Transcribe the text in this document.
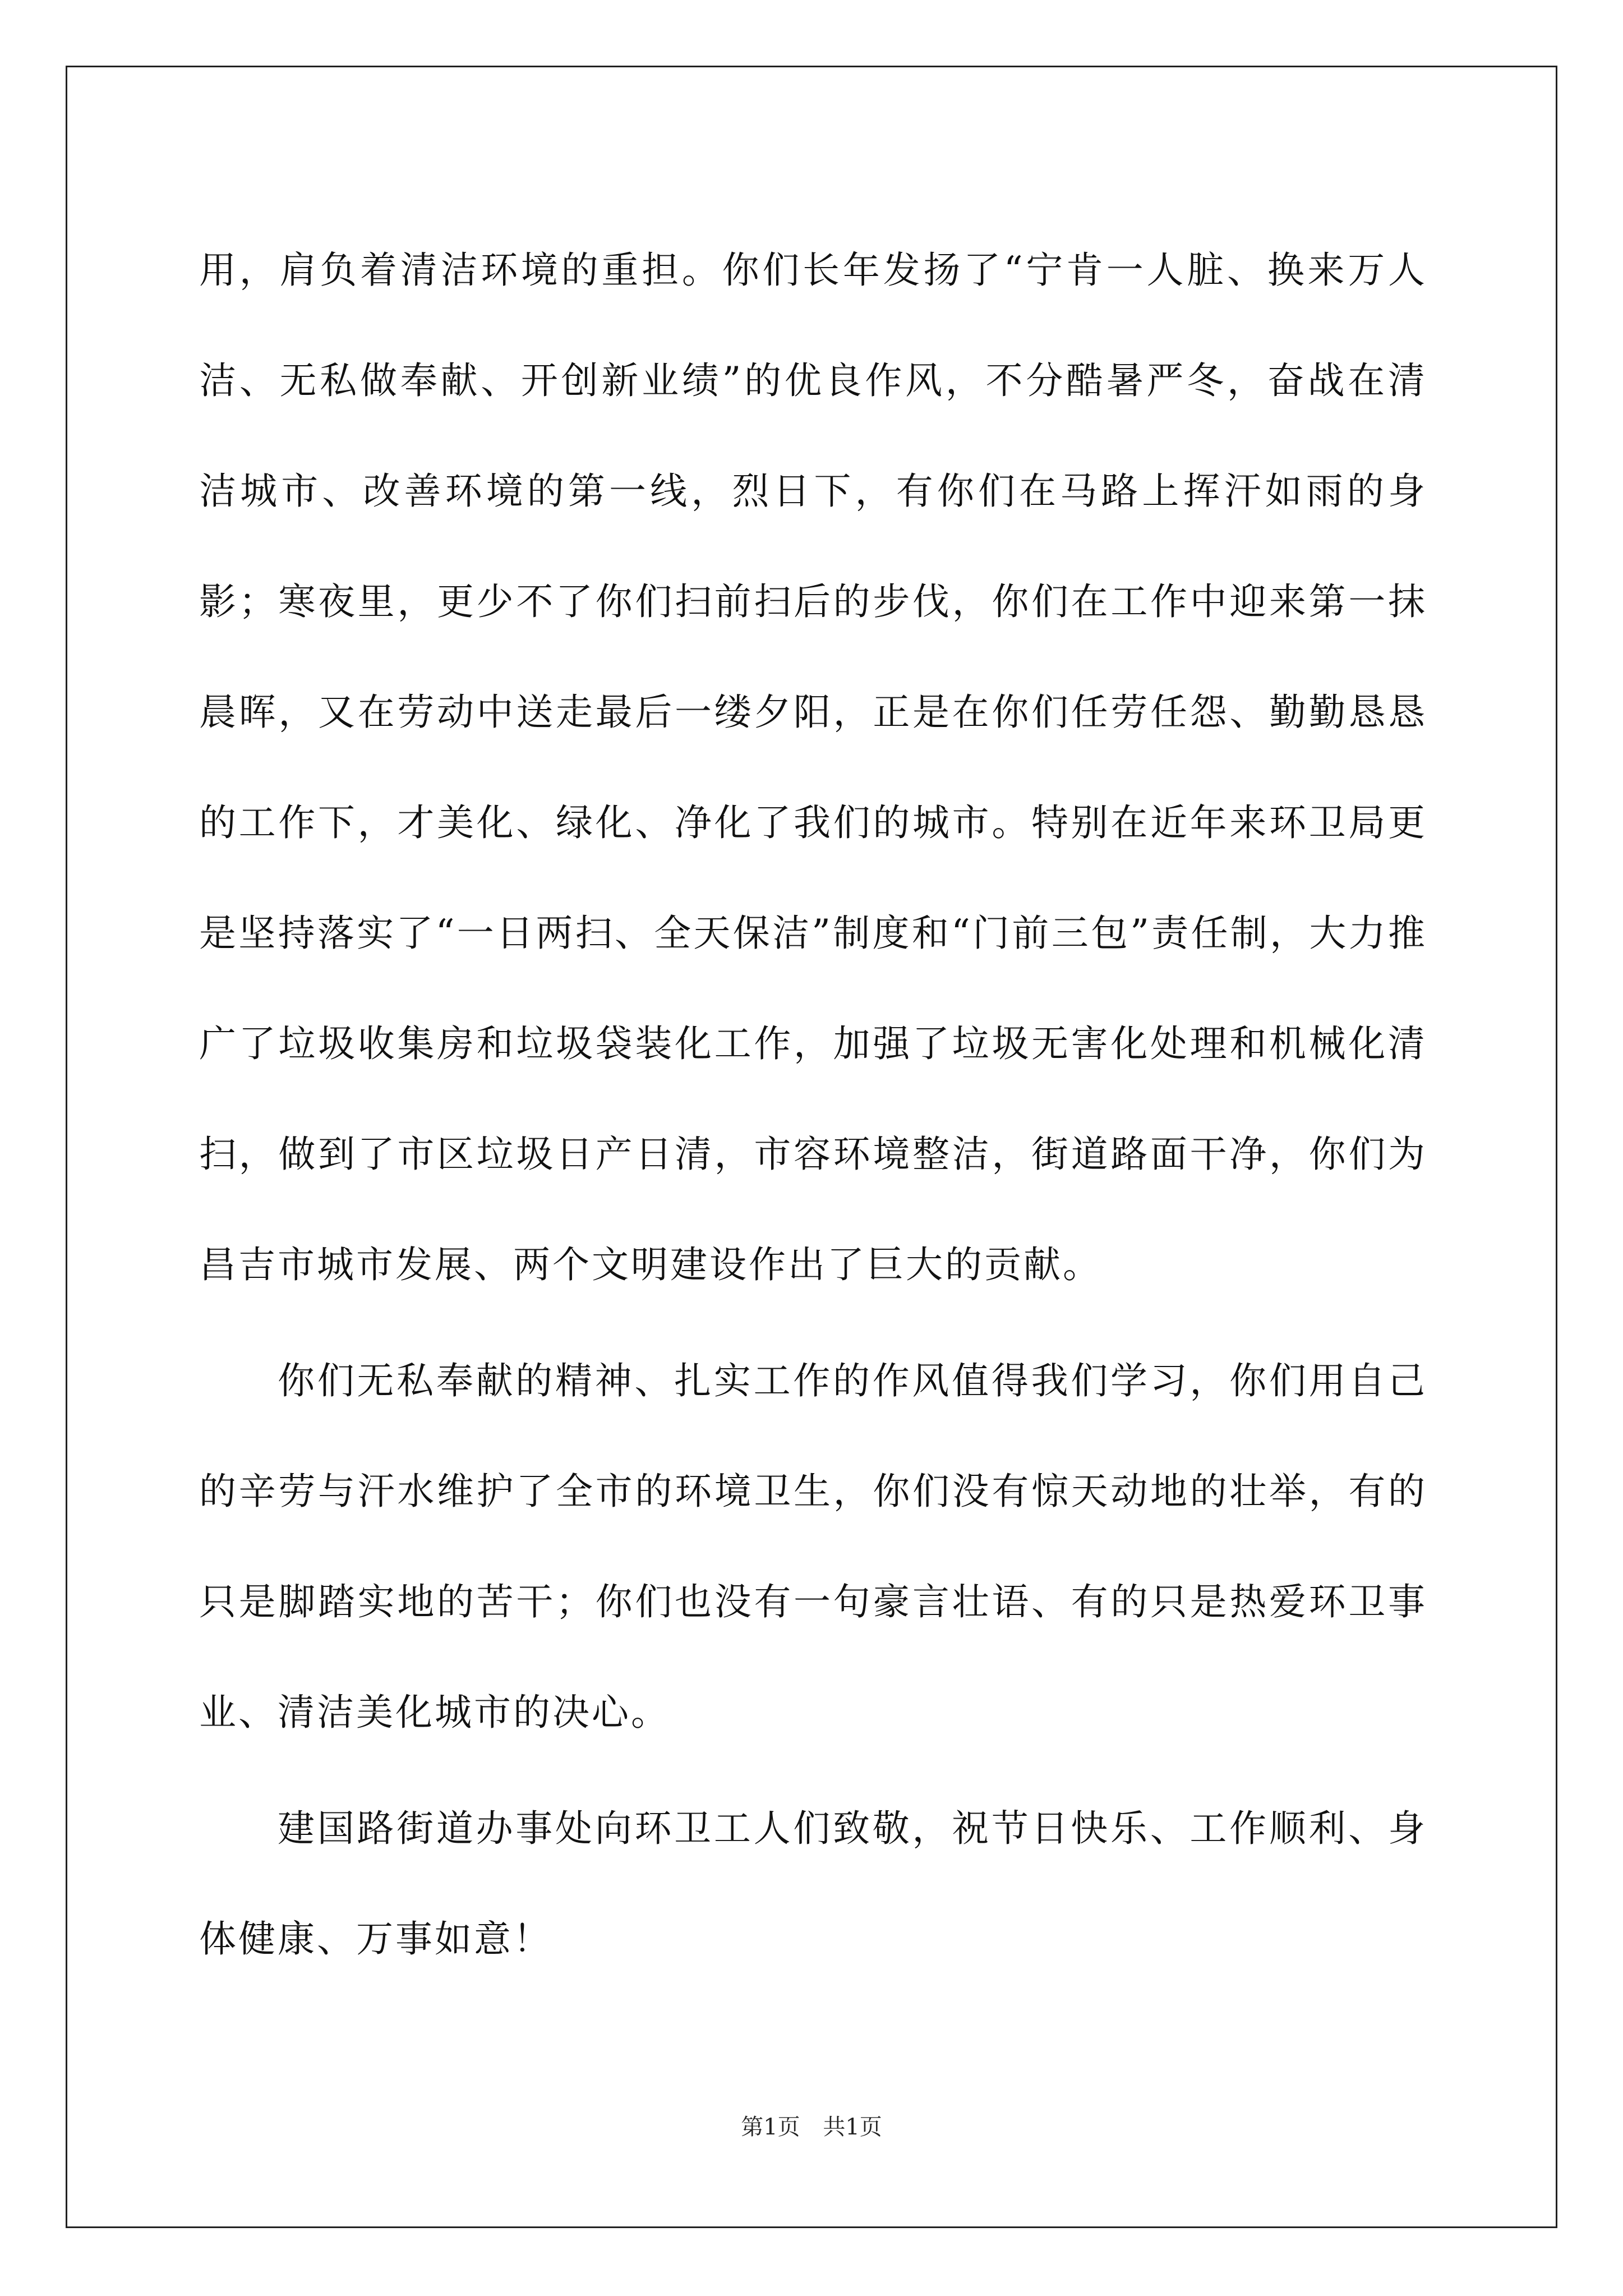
用，肩负着清洁环境的重担。你们长年发扬了“宁肯一人脏、换来万人洁、无私做奉献、开创新业绩”的优良作风，不分酷暑严冬，奋战在清洁城市、改善环境的第一线，烈日下，有你们在马路上挥汗如雨的身影；寒夜里，更少不了你们扫前扫后的步伐，你们在工作中迎来第一抹晨晖，又在劳动中送走最后一缕夕阳，正是在你们任劳任怨、勤勤恳恳的工作下，才美化、绿化、净化了我们的城市。特别在近年来环卫局更是坚持落实了“一日两扫、全天保洁”制度和“门前三包”责任制，大力推广了垃圾收集房和垃圾袋装化工作，加强了垃圾无害化处理和机械化清扫，做到了市区垃圾日产日清，市容环境整洁，街道路面干净，你们为昌吉市城市发展、两个文明建设作出了巨大的贡献。

你们无私奉献的精神、扎实工作的作风值得我们学习，你们用自己的辛劳与汗水维护了全市的环境卫生，你们没有惊天动地的壮举，有的只是脚踏实地的苦干；你们也没有一句豪言壮语、有的只是热爱环卫事业、清洁美化城市的决心。

建国路街道办事处向环卫工人们致敬，祝节日快乐、工作顺利、身体健康、万事如意！

第1页 共1页
